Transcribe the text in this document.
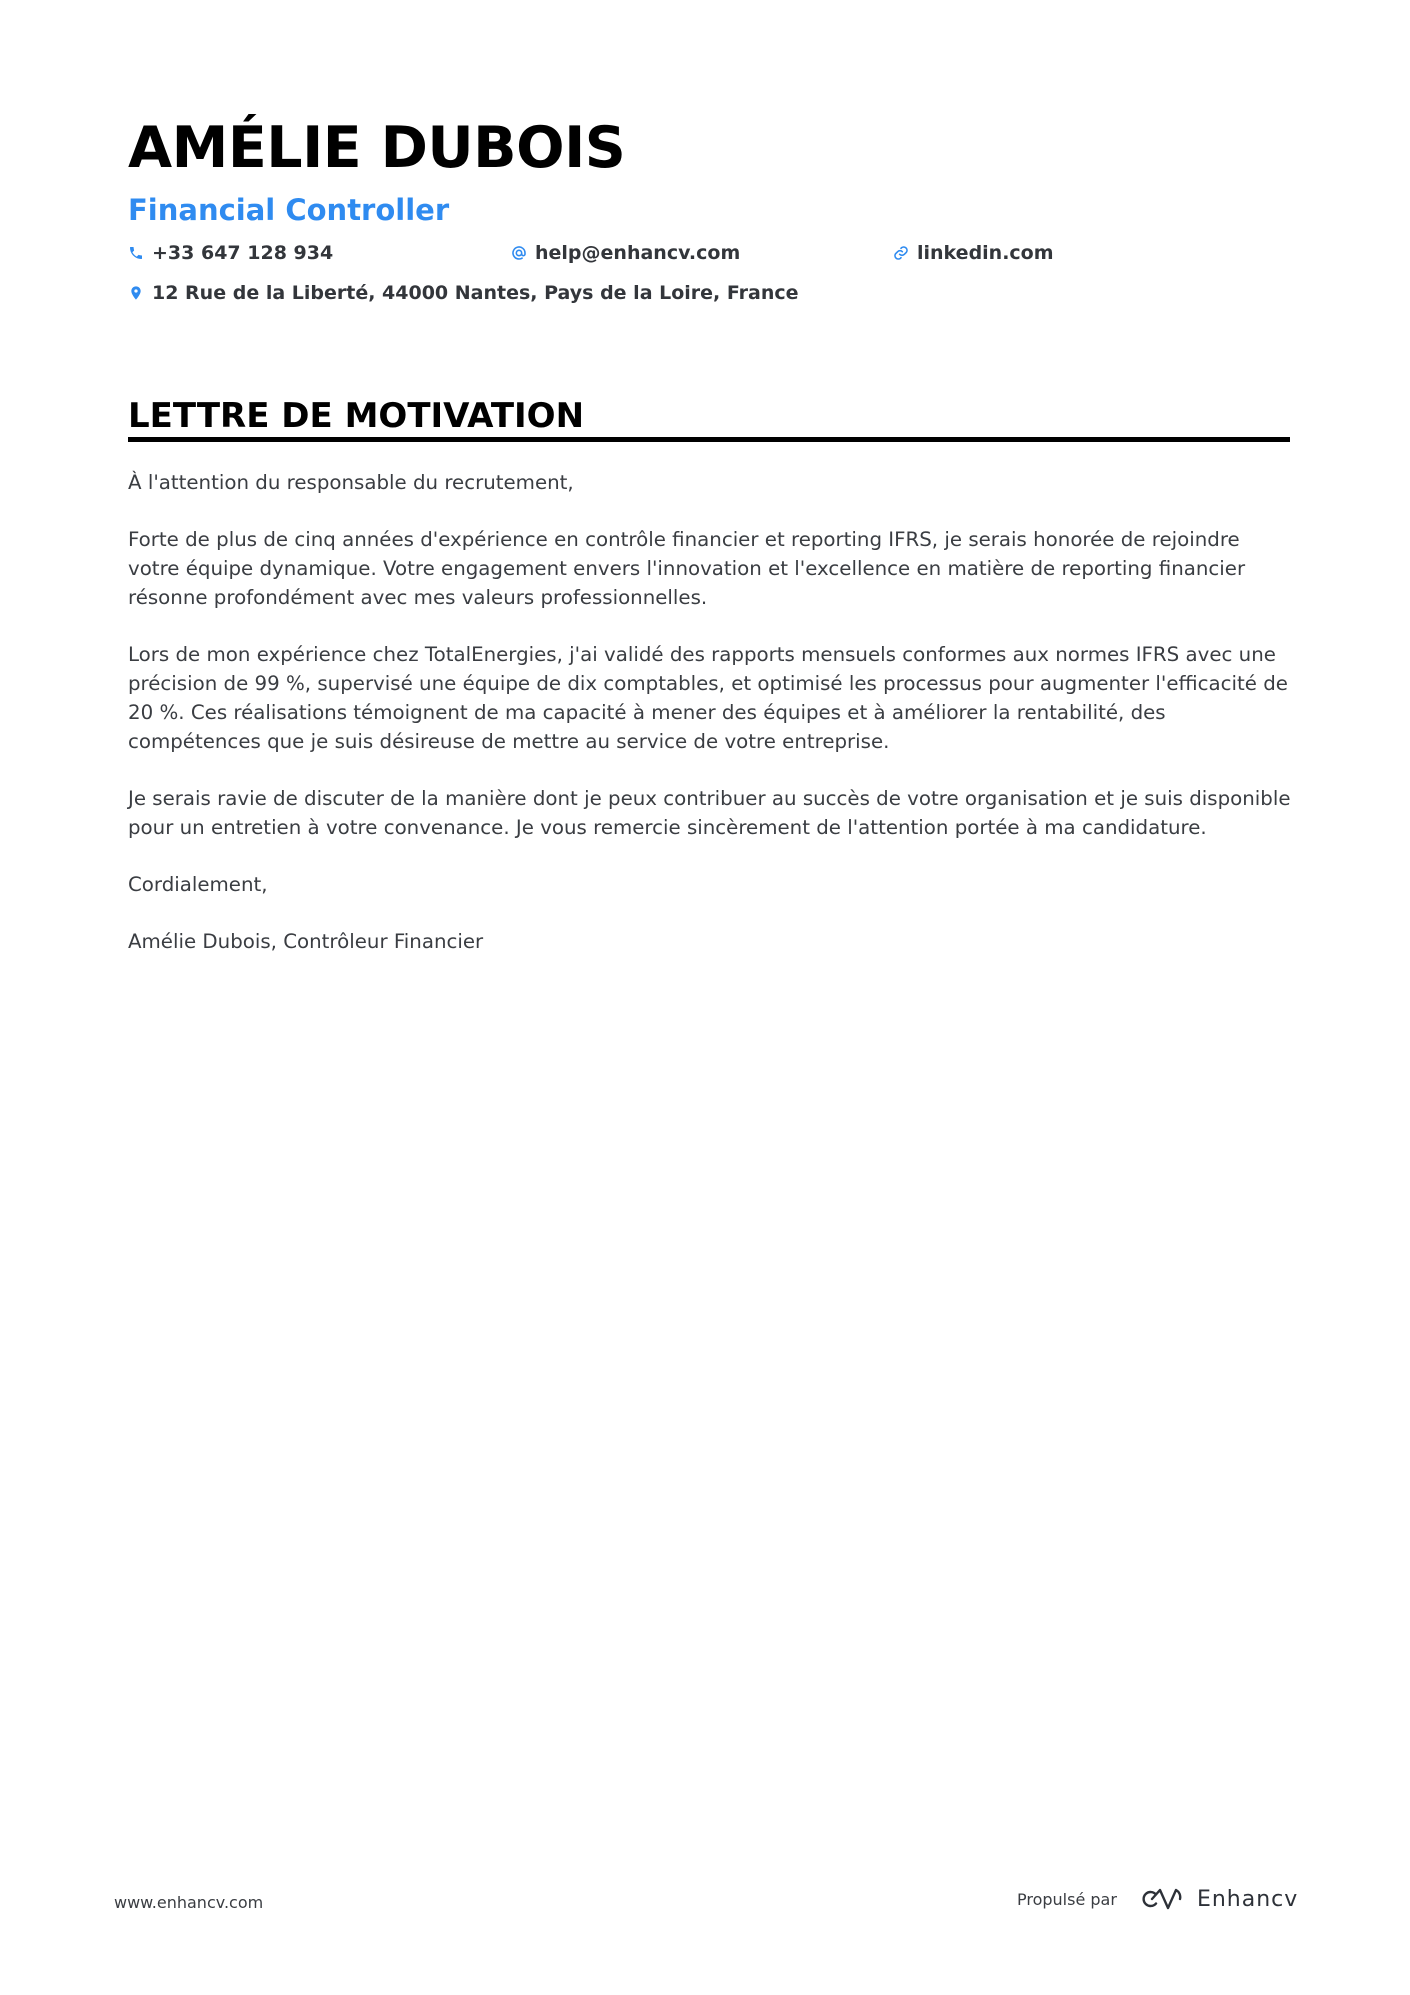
AMÉLIE DUBOIS
Financial Controller
+33 647 128 934	help@enhancv.com	linkedin.com
12 Rue de la Liberté, 44000 Nantes, Pays de la Loire, France
LETTRE DE MOTIVATION

À l'attention du responsable du recrutement,

Forte de plus de cinq années d'expérience en contrôle financier et reporting IFRS, je serais honorée de rejoindre votre équipe dynamique. Votre engagement envers l'innovation et l'excellence en matière de reporting financier résonne profondément avec mes valeurs professionnelles.

Lors de mon expérience chez TotalEnergies, j'ai validé des rapports mensuels conformes aux normes IFRS avec une précision de 99 %, supervisé une équipe de dix comptables, et optimisé les processus pour augmenter l'efficacité de 20 %. Ces réalisations témoignent de ma capacité à mener des équipes et à améliorer la rentabilité, des compétences que je suis désireuse de mettre au service de votre entreprise.

Je serais ravie de discuter de la manière dont je peux contribuer au succès de votre organisation et je suis disponible pour un entretien à votre convenance. Je vous remercie sincèrement de l'attention portée à ma candidature.

Cordialement,

Amélie Dubois, Contrôleur Financier

www.enhancv.com	Propulsé par	Enhancv
